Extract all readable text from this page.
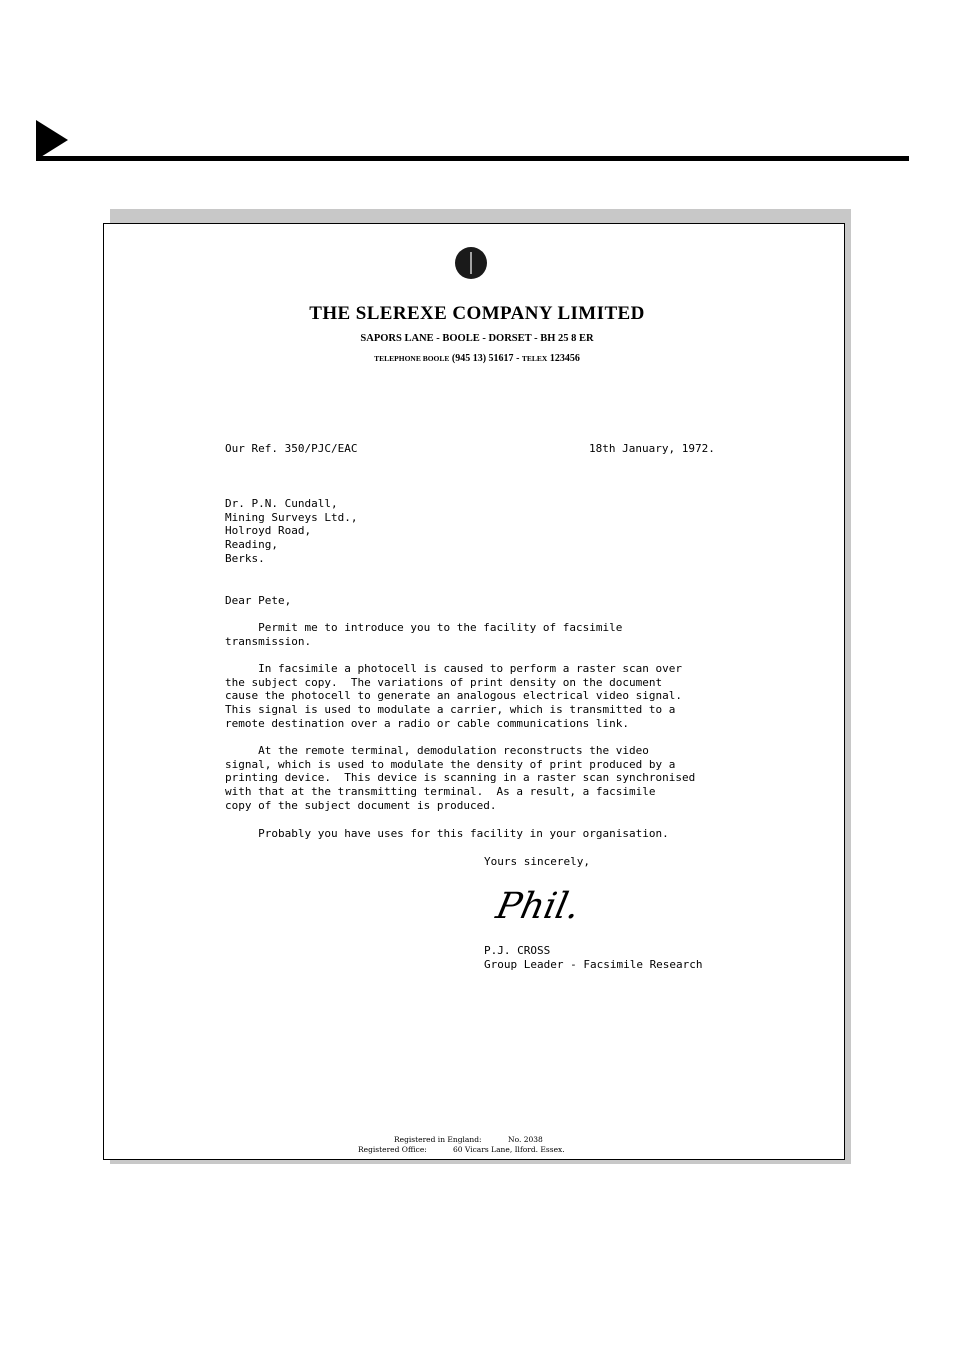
THE SLEREXE COMPANY LIMITED
SAPORS LANE - BOOLE - DORSET - BH 25 8 ER
TELEPHONE BOOLE (945 13) 51617 - TELEX 123456
Our Ref. 350/PJC/EAC	18th January, 1972.
Dr. P.N. Cundall,
Mining Surveys Ltd.,
Holroyd Road,
Reading,
Berks.
Dear Pete,
Permit me to introduce you to the facility of facsimile
transmission.
In facsimile a photocell is caused to perform a raster scan over
the subject copy.  The variations of print density on the document
cause the photocell to generate an analogous electrical video signal.
This signal is used to modulate a carrier, which is transmitted to a
remote destination over a radio or cable communications link.
At the remote terminal, demodulation reconstructs the video
signal, which is used to modulate the density of print produced by a
printing device.  This device is scanning in a raster scan synchronised
with that at the transmitting terminal.  As a result, a facsimile
copy of the subject document is produced.
Probably you have uses for this facility in your organisation.
Yours sincerely,
Phil.
P.J. CROSS
Group Leader - Facsimile Research
Registered in England:	No. 2038
Registered Office:	60 Vicars Lane, Ilford. Essex.
